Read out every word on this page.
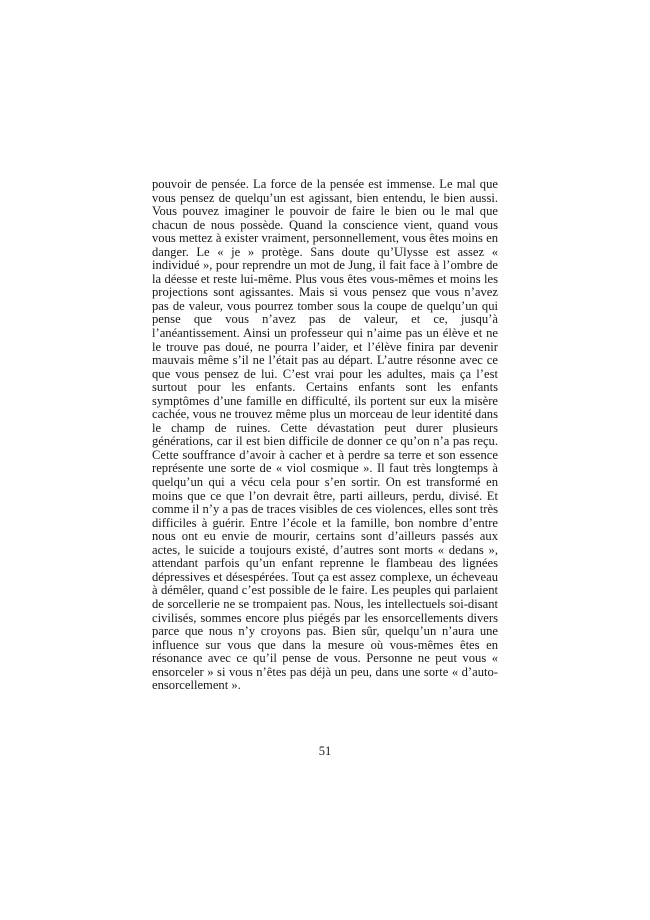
pouvoir de pensée. La force de la pensée est immense. Le mal que vous pensez de quelqu’un est agissant, bien entendu, le bien aussi. Vous pouvez imaginer le pouvoir de faire le bien ou le mal que chacun de nous possède. Quand la conscience vient, quand vous vous mettez à exister vraiment, personnellement, vous êtes moins en danger. Le « je » protège. Sans doute qu’Ulysse est assez « individué », pour reprendre un mot de Jung, il fait face à l’ombre de la déesse et reste lui-même. Plus vous êtes vous-mêmes et moins les projections sont agissantes. Mais si vous pensez que vous n’avez pas de valeur, vous pourrez tomber sous la coupe de quelqu’un qui pense que vous n’avez pas de valeur, et ce, jusqu’à l’anéantissement. Ainsi un professeur qui n’aime pas un élève et ne le trouve pas doué, ne pourra l’aider, et l’élève finira par devenir mauvais même s’il ne l’était pas au départ. L’autre résonne avec ce que vous pensez de lui. C’est vrai pour les adultes, mais ça l’est surtout pour les enfants. Certains enfants sont les enfants symptômes d’une famille en difficulté, ils portent sur eux la misère cachée, vous ne trouvez même plus un morceau de leur identité dans le champ de ruines. Cette dévastation peut durer plusieurs générations, car il est bien difficile de donner ce qu’on n’a pas reçu. Cette souffrance d’avoir à cacher et à perdre sa terre et son essence représente une sorte de « viol cosmique ». Il faut très longtemps à quelqu’un qui a vécu cela pour s’en sortir. On est transformé en moins que ce que l’on devrait être, parti ailleurs, perdu, divisé. Et comme il n’y a pas de traces visibles de ces violences, elles sont très difficiles à guérir. Entre l’école et la famille, bon nombre d’entre nous ont eu envie de mourir, certains sont d’ailleurs passés aux actes, le suicide a toujours existé, d’autres sont morts « dedans », attendant parfois qu’un enfant reprenne le flambeau des lignées dépressives et désespérées. Tout ça est assez complexe, un écheveau à démêler, quand c’est possible de le faire. Les peuples qui parlaient de sorcellerie ne se trompaient pas. Nous, les intellectuels soi-disant civilisés, sommes encore plus piégés par les ensorcellements divers parce que nous n’y croyons pas. Bien sûr, quelqu’un n’aura une influence sur vous que dans la mesure où vous-mêmes êtes en résonance avec ce qu’il pense de vous. Personne ne peut vous « ensorceler » si vous n’êtes pas déjà un peu, dans une sorte « d’auto-ensorcellement ».

51
